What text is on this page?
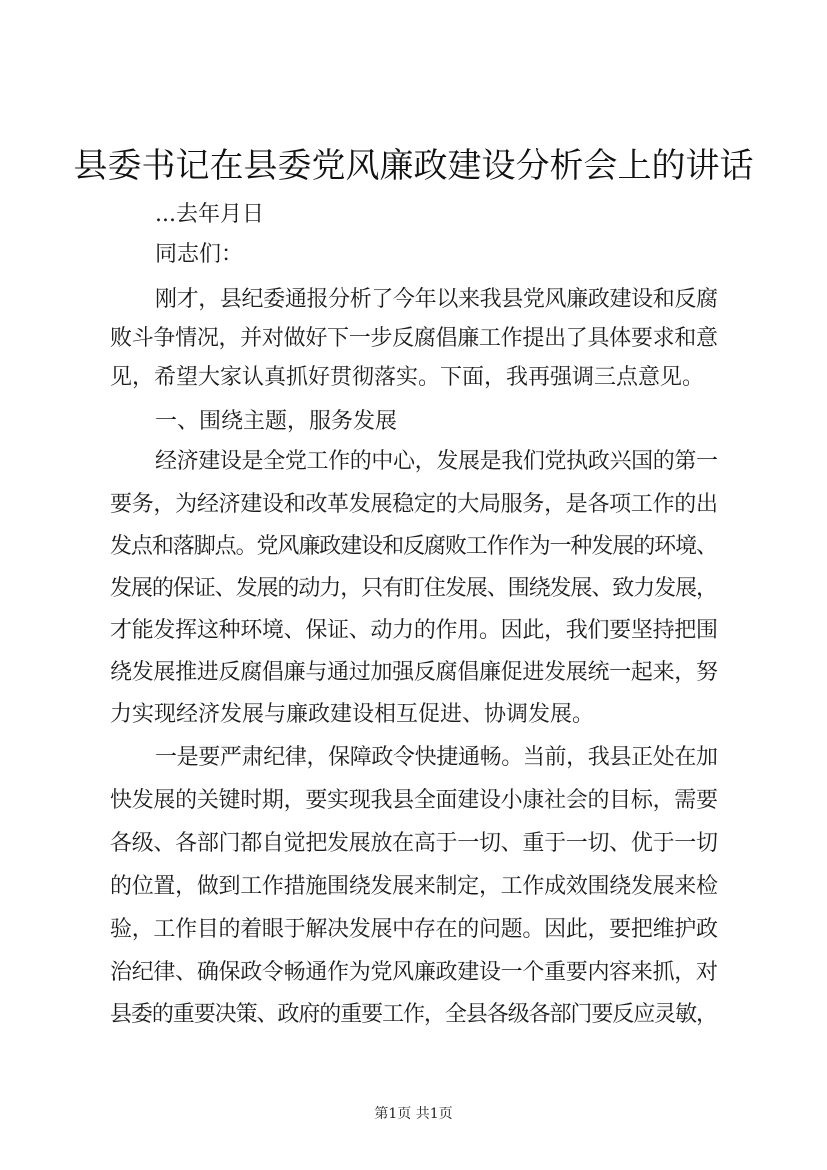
县委书记在县委党风廉政建设分析会上的讲话
...去年月日
同志们：
刚才，县纪委通报分析了今年以来我县党风廉政建设和反腐
败斗争情况，并对做好下一步反腐倡廉工作提出了具体要求和意
见，希望大家认真抓好贯彻落实。下面，我再强调三点意见。
一、围绕主题，服务发展
经济建设是全党工作的中心，发展是我们党执政兴国的第一
要务，为经济建设和改革发展稳定的大局服务，是各项工作的出
发点和落脚点。党风廉政建设和反腐败工作作为一种发展的环境、
发展的保证、发展的动力，只有盯住发展、围绕发展、致力发展，
才能发挥这种环境、保证、动力的作用。因此，我们要坚持把围
绕发展推进反腐倡廉与通过加强反腐倡廉促进发展统一起来，努
力实现经济发展与廉政建设相互促进、协调发展。
一是要严肃纪律，保障政令快捷通畅。当前，我县正处在加
快发展的关键时期，要实现我县全面建设小康社会的目标，需要
各级、各部门都自觉把发展放在高于一切、重于一切、优于一切
的位置，做到工作措施围绕发展来制定，工作成效围绕发展来检
验，工作目的着眼于解决发展中存在的问题。因此，要把维护政
治纪律、确保政令畅通作为党风廉政建设一个重要内容来抓，对
县委的重要决策、政府的重要工作，全县各级各部门要反应灵敏，
第1页 共1页
